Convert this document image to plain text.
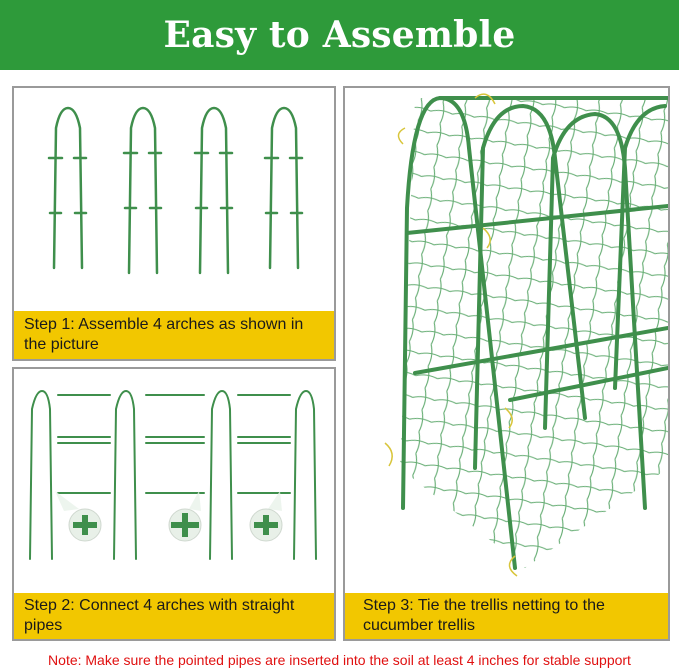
Easy to Assemble
Step 1: Assemble 4 arches as shown in the picture
Step 2: Connect 4 arches with straight pipes
Step 3: Tie the trellis netting to the cucumber trellis
Note: Make sure the pointed pipes are inserted into the soil at least 4 inches for stable support
